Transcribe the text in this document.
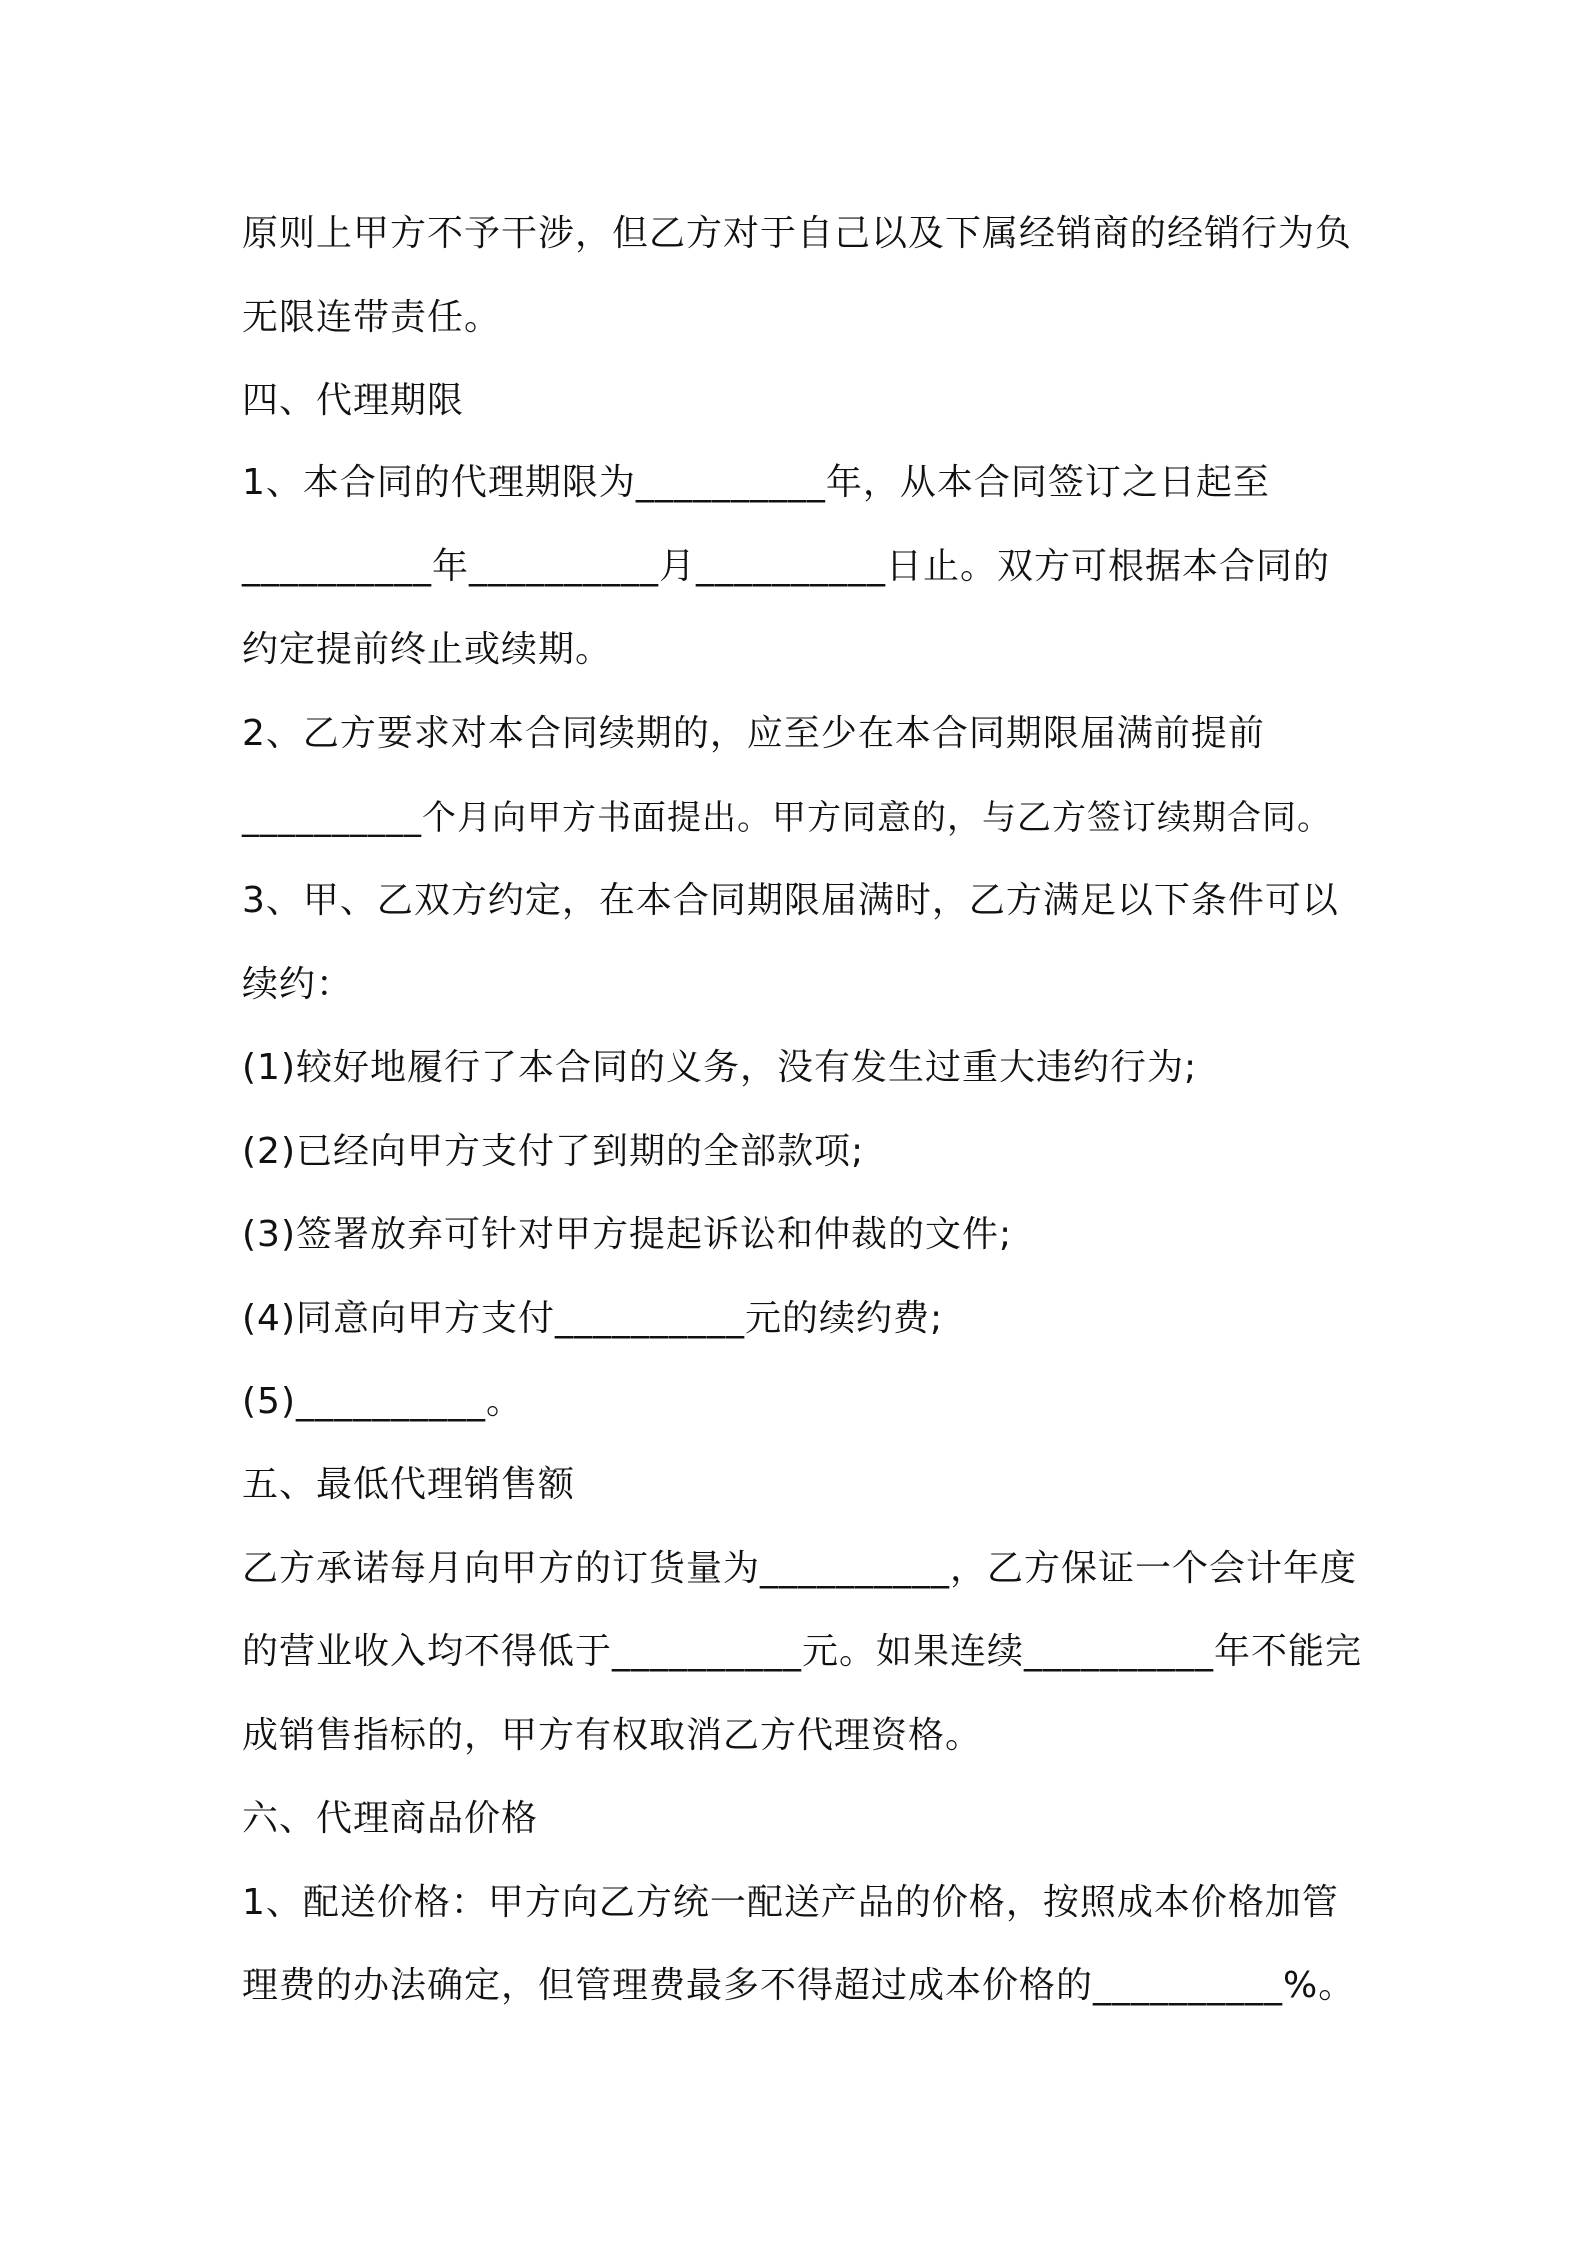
原则上甲方不予干涉，但乙方对于自己以及下属经销商的经销行为负
无限连带责任。
四、代理期限
1、本合同的代理期限为__________年，从本合同签订之日起至
__________年__________月__________日止。双方可根据本合同的
约定提前终止或续期。
2、乙方要求对本合同续期的，应至少在本合同期限届满前提前
__________个月向甲方书面提出。甲方同意的，与乙方签订续期合同。
3、甲、乙双方约定，在本合同期限届满时，乙方满足以下条件可以
续约：
(1)较好地履行了本合同的义务，没有发生过重大违约行为;
(2)已经向甲方支付了到期的全部款项;
(3)签署放弃可针对甲方提起诉讼和仲裁的文件;
(4)同意向甲方支付__________元的续约费;
(5)__________。
五、最低代理销售额
乙方承诺每月向甲方的订货量为__________，乙方保证一个会计年度
的营业收入均不得低于__________元。如果连续__________年不能完
成销售指标的，甲方有权取消乙方代理资格。
六、代理商品价格
1、配送价格：甲方向乙方统一配送产品的价格，按照成本价格加管
理费的办法确定，但管理费最多不得超过成本价格的__________%。
